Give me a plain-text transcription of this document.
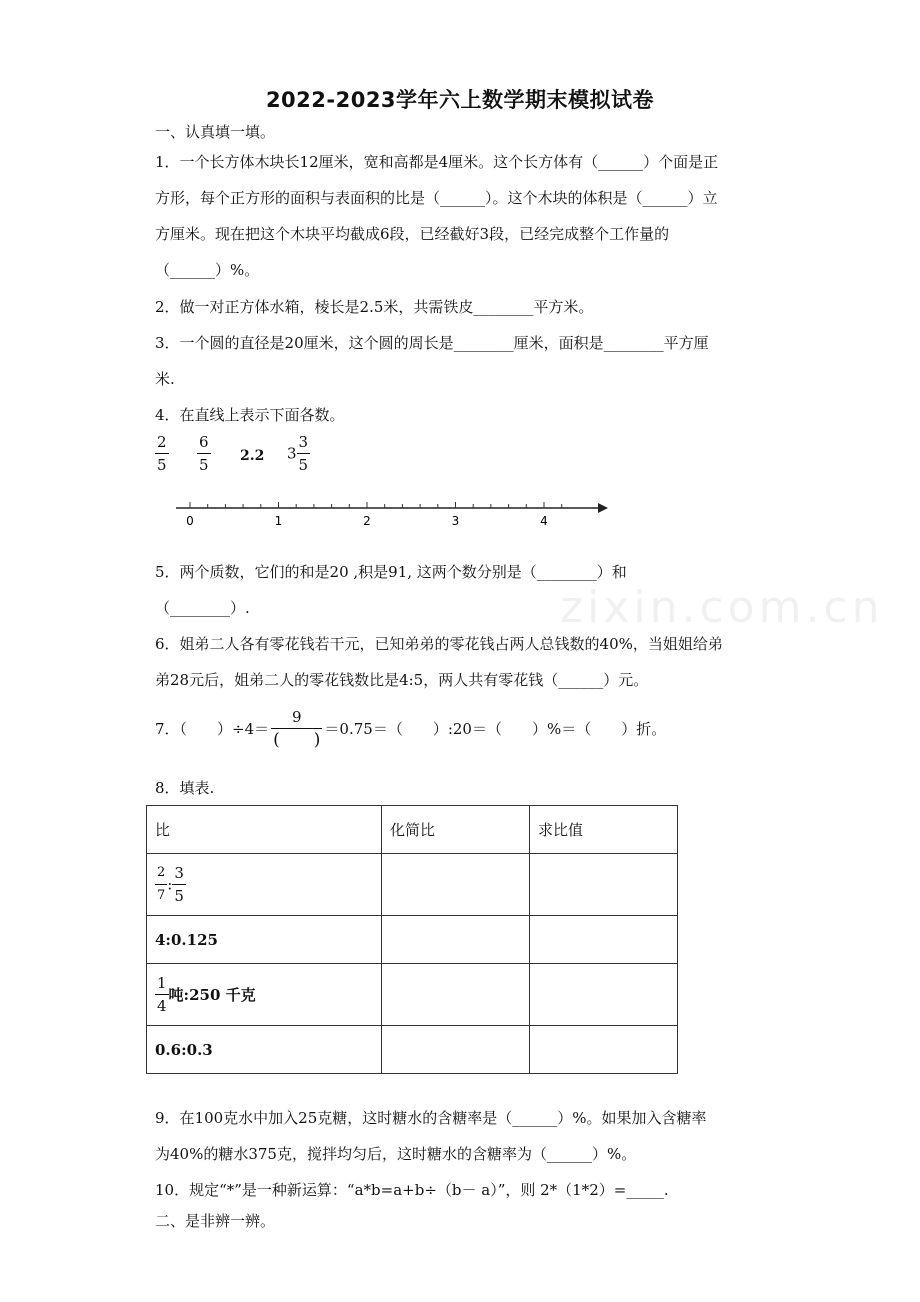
2022-2023学年六上数学期末模拟试卷
一、认真填一填。
1．一个长方体木块长12厘米，宽和高都是4厘米。这个长方体有（______）个面是正
方形，每个正方形的面积与表面积的比是（______）。这个木块的体积是（______）立
方厘米。现在把这个木块平均截成6段，已经截好3段，已经完成整个工作量的
（______）%。
2．做一对正方体水箱，棱长是2.5米，共需铁皮________平方米。
3．一个圆的直径是20厘米，这个圆的周长是________厘米，面积是________平方厘
米.
4．在直线上表示下面各数。
$\frac{2}{5} \frac{6}{5} 2.2$ $3 \frac{3}{5}$
0	1	2	3	4
zixin.com.cn
5．两个质数，它们的和是20 ,积是91, 这两个数分别是（________）和
（________）.
6．姐弟二人各有零花钱若干元，已知弟弟的零花钱占两人总钱数的40%，当姐姐给弟
弟28元后，姐弟二人的零花钱数比是4:5，两人共有零花钱（______）元。
7．（　　）$\div 4= \frac{9}{( )} =0.75=$（　　）:20＝（　　）%＝（　　）折。
8．填表.
比	化简比	求比值

$\frac{2}{7}$ : $\frac{3}{5}$

4:0.125		

$\frac{1}{4}$ 吨:250 千克		
0.6:0.3		
9．在100克水中加入25克糖，这时糖水的含糖率是（______）%。如果加入含糖率
为40%的糖水375克，搅拌均匀后，这时糖水的含糖率为（______）%。
10．规定“*”是一种新运算：“a*b=a+b÷（b－ a）”，则 2*（1*2）=_____.
二、是非辨一辨。
